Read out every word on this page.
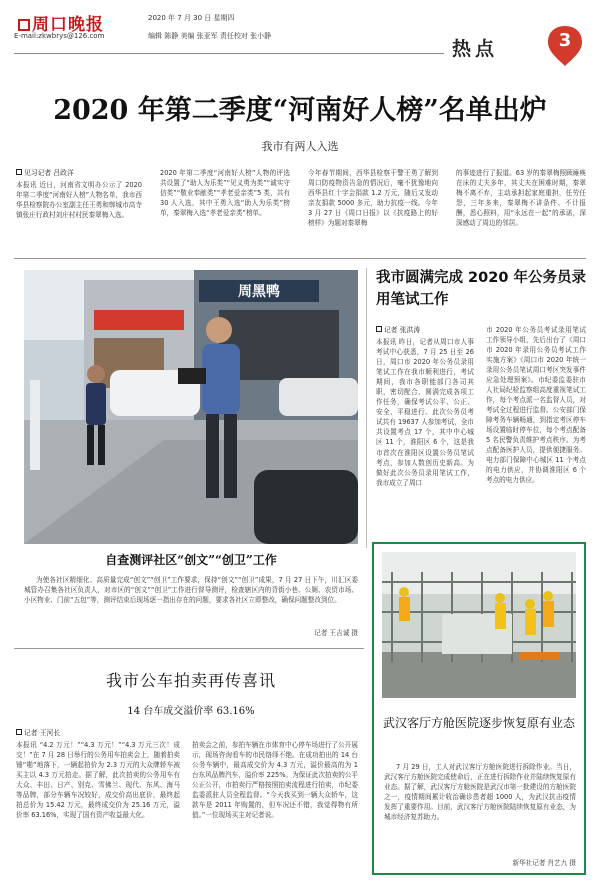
周口晚报
E-mail:zkwbrys@126.com
2020 年 7 月 30 日 星期四
编辑 陈静 美编 张亚军 责任校对 张小静
热点	3
2020 年第二季度“河南好人榜”名单出炉
我市有两人入选
见习记者 吕政洋
本报讯 近日，河南省文明办公示了 2020 年第二季度“河南好人榜”人物名单，我市西华县检察院办公室副主任王勇和郸城市高寺镇张庄行政村刘庄村村民秦翠梅入选。
2020 年第二季度“河南好人榜”人物的评选共设置了“助人为乐类”“见义勇为类”“诚实守信类”“敬业奉献类”“孝老爱亲类”5 类，共有 30 人入选，其中王勇入选“助人为乐类”榜单，秦翠梅入选“孝老爱亲类”榜单。
今年春节期间，西华县检察干警王勇了解到周口防疫物资告急的情况后，毫不犹豫地向西华县红十字会捐款 1.2 万元，随后又发动亲友捐款 5000 多元，助力抗疫一线。今年 3 月 27 日《周口日报》以《抗疫路上的好榜样》为题对秦翠梅
的事迹进行了报道。63 岁的秦翠梅照顾瘫痪在床的丈夫多年，其丈夫在困难时期，秦翠梅不离不弃，主动承担起家庭重担，任劳任怨，三年多来，秦翠梅不讲条件、不计报酬，悉心照料，用“永远在一起”的承诺，深深感动了周边的邻居。
周黑鸭
自查测评社区“创文”“创卫”工作
为使各社区精细化、高质量完成“创文”“创卫”工作要求，保持“创文”“创卫”成果，7 月 27 日下午，川汇区委城管办召集各社区负责人，对市区的“创文”“创卫”工作进行督导测评，检查辖区内的背街小巷、公厕、农贸市场、小区物业、门前“五包”等，测评结束后现场逐一指出存在的问题，要求各社区立即整改，确保问题整改到位。
记者 王吉诚 摄
我市圆满完成 2020 年公务员录用笔试工作
记者 张洪涛
本报讯 昨日，记者从周口市人事考试中心获悉，7 月 25 日至 26 日，周口市 2020 年公务员录用笔试工作在我市顺利进行，考试期间，我市各职能部门各司其职，密切配合，圆满完成各项工作任务，确保考试公平、公正、安全、平稳进行。此次公务员考试共有 19637 人参加考试，全市共设置考点 17 个，其中中心城区 11 个，淮阳区 6 个，这是我市首次在淮阳区设置公务员笔试考点，参加人数创历史新高。为做好此次公务员录用笔试工作，我市成立了周口
市 2020 年公务员考试录用笔试工作领导小组，先后出台了《周口市 2020 年录用公务员考试工作实施方案》《周口市 2020 年统一录用公务员笔试周口考区突发事件应急处理预案》。市纪委监委驻市人社局纪检监察组高度重视笔试工作，每个考点派一名监督人员，对考试全过程进行监督。公安部门保障考务车辆畅通，到指定考区停车场设置临时停车位，每个考点配备 5 名民警负责维护考点秩序。为考点配备医护人员，提供便捷服务。电力部门保障中心城区 11 个考点的电力供应，并协调淮阳区 6 个考点的电力供应。
我市公车拍卖再传喜讯
14 台车成交溢价率 63.16%
记者 王河长
本报讯 “4.2 万元！”“4.3 万元！”“4.3 万元三次！成交！”在 7 月 28 日举行的公务用车拍卖会上，随着拍卖锤“啪”地落下，一辆起拍价为 2.3 万元的大众牌轿车被买主以 4.3 万元拍走。据了解，此次拍卖的公务用车有大众、丰田、日产、别克、雪佛兰、现代、东风、海马等品牌，部分车辆车况较好，成交价高出底价，最终起拍总价为 15.42 万元，最终成交价为 25.16 万元，溢价率 63.16%，实现了国有资产收益最大化。
拍卖会之前，参拍车辆在市体育中心停车场进行了公开展示，现场咨询看车的市民络绎不绝。在成功拍出的 14 台公务车辆中，最高成交价为 4.3 万元，溢价最高的为 1 台东风品牌汽车，溢价率 225%。为保证此次拍卖的公平公正公开，市拍卖行严格按照拍卖流程进行拍卖，市纪委监委派驻人员全程监督。“今天我买到一辆大众轿车，这款车是 2011 年购置的，但车况还不错，我觉得物有所值。”一位现场买主对记者说。
武汉客厅方舱医院逐步恢复原有业态
7 月 29 日，工人对武汉客厅方舱医院进行拆除作业。当日，武汉客厅方舱医院完成使命后，正在进行拆除作业并陆续恢复原有业态。据了解，武汉客厅方舱医院是武汉市第一批建设的方舱医院之一，疫情期间累计收治确诊患者超 1000 人，为武汉抗击疫情发挥了重要作用。目前，武汉客厅方舱医院陆续恢复原有业态，为城市经济复苏助力。
新华社记者 肖艺九 摄
